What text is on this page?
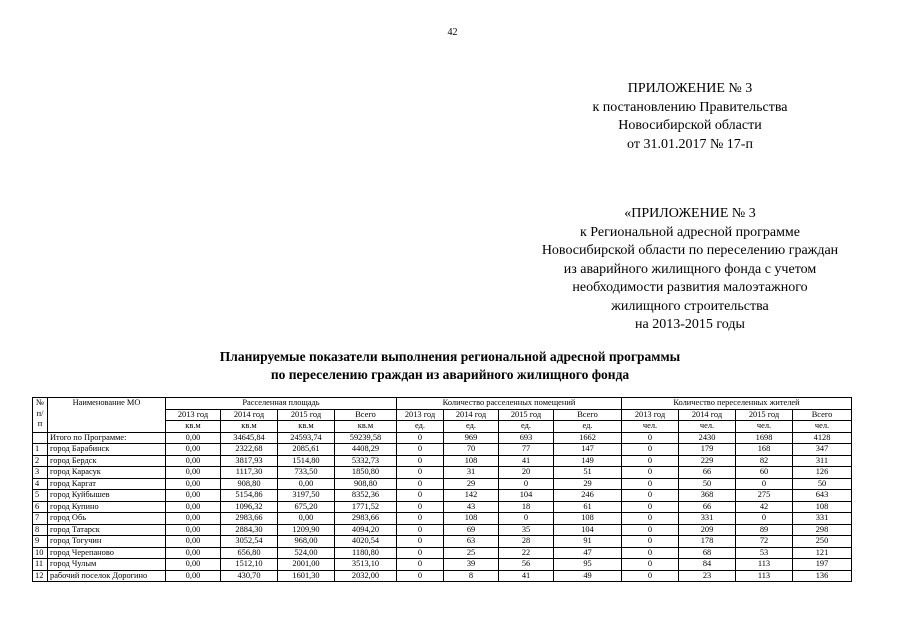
42
ПРИЛОЖЕНИЕ № 3
к постановлению Правительства
Новосибирской области
от 31.01.2017 № 17-п
«ПРИЛОЖЕНИЕ № 3
к Региональной адресной программе
Новосибирской области по переселению граждан
из аварийного жилищного фонда с учетом
необходимости развития малоэтажного
жилищного строительства
на 2013-2015 годы
Планируемые показатели выполнения региональной адресной программы
по переселению граждан из аварийного жилищного фонда
№ п/п	Наименование МО	Расселенная площадь				Количество расселенных помещений				Количество переселенных жителей			
		2013 год	2014 год	2015 год	Всего	2013 год	2014 год	2015 год	Всего	2013 год	2014 год	2015 год	Всего
		кв.м	кв.м	кв.м	кв.м	ед.	ед.	ед.	ед.	чел.	чел.	чел.	чел.
	Итого по Программе:	0,00	34645,84	24593,74	59239,58	0	969	693	1662	0	2430	1698	4128
1	город Барабинск	0,00	2322,68	2085,61	4408,29	0	70	77	147	0	179	168	347
2	город Бердск	0,00	3817,93	1514,80	5332,73	0	108	41	149	0	229	82	311
3	город Карасук	0,00	1117,30	733,50	1850,80	0	31	20	51	0	66	60	126
4	город Каргат	0,00	908,80	0,00	908,80	0	29	0	29	0	50	0	50
5	город Куйбышев	0,00	5154,86	3197,50	8352,36	0	142	104	246	0	368	275	643
6	город Купино	0,00	1096,32	675,20	1771,52	0	43	18	61	0	66	42	108
7	город Обь	0,00	2983,66	0,00	2983,66	0	108	0	108	0	331	0	331
8	город Татарск	0,00	2884,30	1209,90	4094,20	0	69	35	104	0	209	89	298
9	город Тогучин	0,00	3052,54	968,00	4020,54	0	63	28	91	0	178	72	250
10	город Черепаново	0,00	656,80	524,00	1180,80	0	25	22	47	0	68	53	121
11	город Чулым	0,00	1512,10	2001,00	3513,10	0	39	56	95	0	84	113	197
12	рабочий поселок Дорогино	0,00	430,70	1601,30	2032,00	0	8	41	49	0	23	113	136
